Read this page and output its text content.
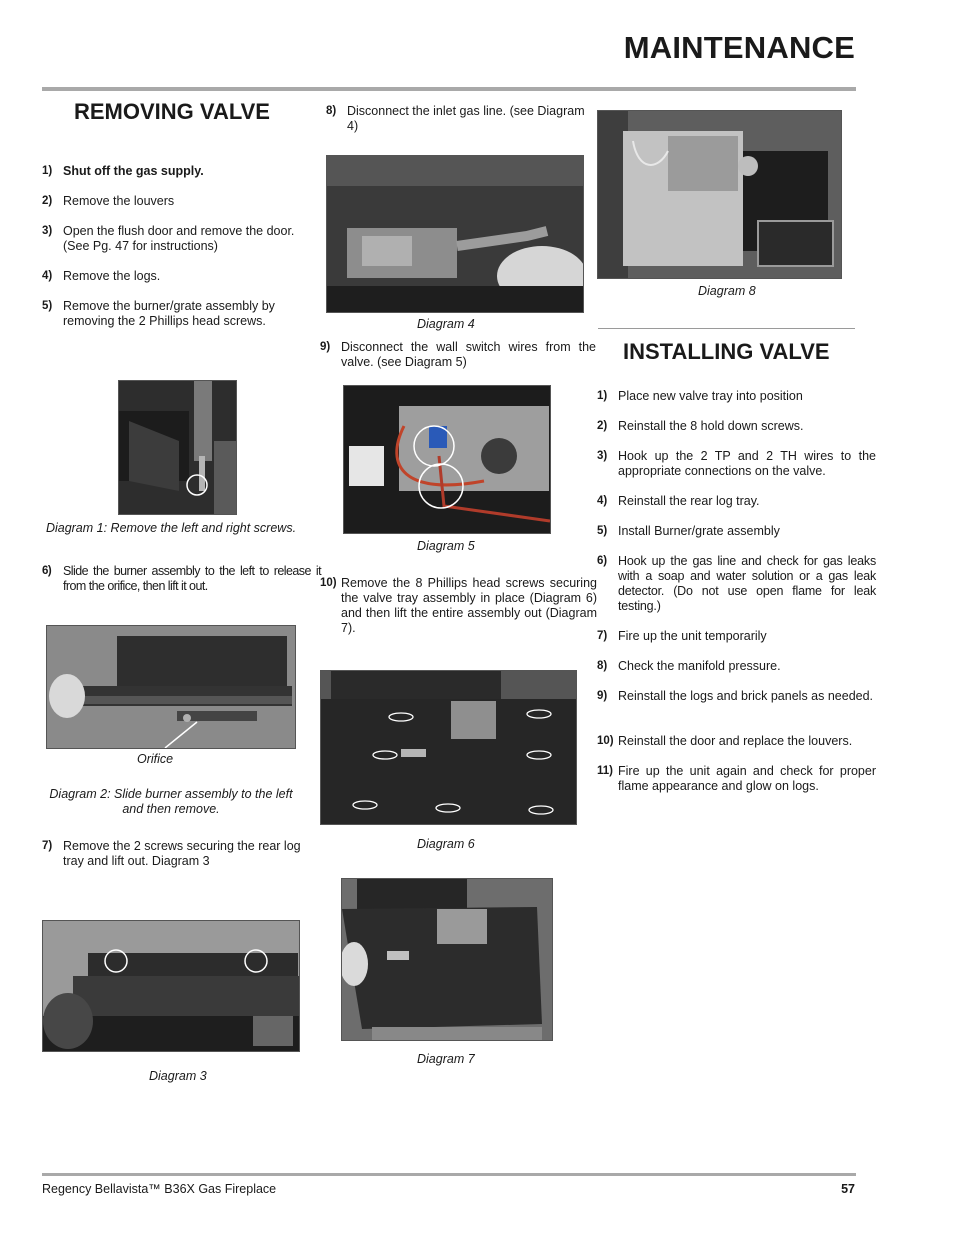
MAINTENANCE
REMOVING VALVE
1) Shut off the gas supply.
2) Remove the louvers
3) Open the flush door and remove the door. (See Pg. 47 for instructions)
4) Remove the logs.
5) Remove the burner/grate assembly by removing the 2 Phillips head screws.
Diagram 1: Remove the left and right screws.
6) Slide the burner assembly to the left to release it from the orifice, then lift it out.
Orifice
Diagram 2: Slide burner assembly to the left and then remove.
7) Remove the 2 screws securing the rear log tray and lift out. Diagram 3
Diagram 3
8) Disconnect the inlet gas line. (see Diagram 4)
Diagram 4
9) Disconnect the wall switch wires from the valve. (see Diagram 5)
Diagram 5
10) Remove the 8 Phillips head screws securing the valve tray assembly in place (Diagram 6) and then lift the entire assembly out (Diagram 7).
Diagram 6
Diagram 7
Diagram 8
INSTALLING VALVE
1) Place new valve tray into position
2) Reinstall the 8 hold down screws.
3) Hook up the 2 TP and 2 TH wires to the appropriate connections on the valve.
4) Reinstall the rear log tray.
5) Install Burner/grate assembly
6) Hook up the gas line and check for gas leaks with a soap and water solution or a gas leak detector. (Do not use open flame for leak testing.)
7) Fire up the unit temporarily
8) Check the manifold pressure.
9) Reinstall the logs and brick panels as needed.
10) Reinstall the door and replace the louvers.
11) Fire up the unit again and check for proper flame appearance and glow on logs.
Regency Bellavista™ B36X Gas Fireplace	57
